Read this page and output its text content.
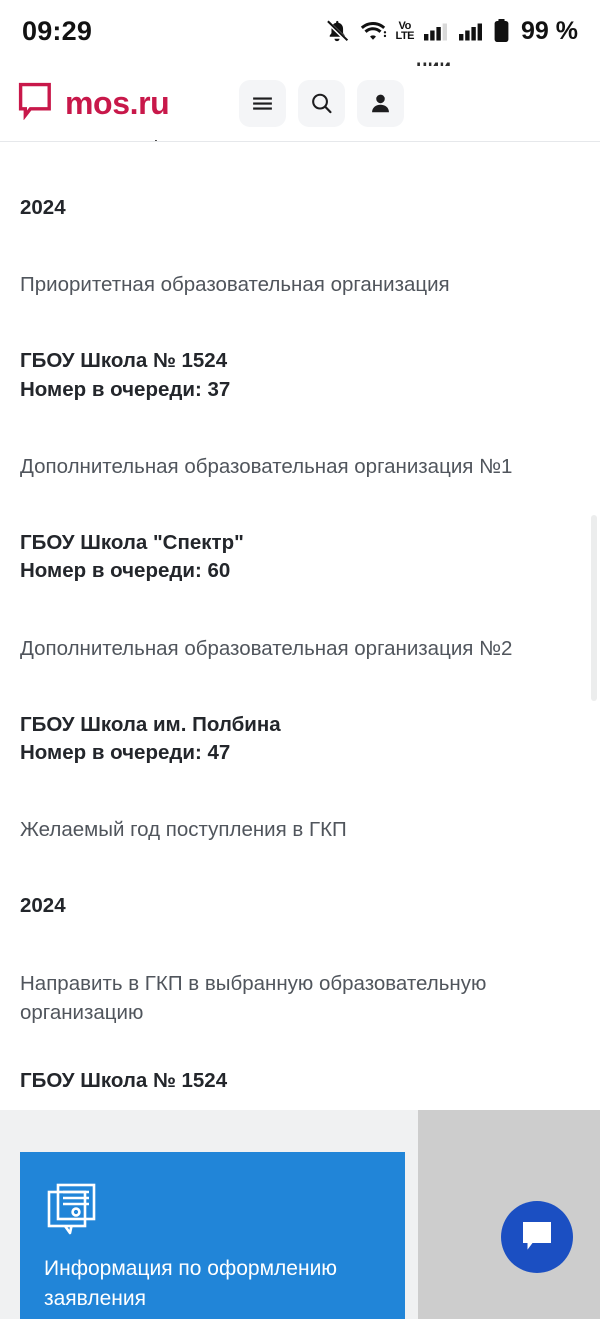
09:29	Vo
LTE	99 %
mos.ru

2024

Приоритетная образовательная организация

ГБОУ Школа № 1524

Номер в очереди: 37

Дополнительная образовательная организация №1

ГБОУ Школа "Спектр"

Номер в очереди: 60

Дополнительная образовательная организация №2

ГБОУ Школа им. Полбина

Номер в очереди: 47

Желаемый год поступления в ГКП

2024

Направить в ГКП в выбранную образовательную организацию

ГБОУ Школа № 1524

Информация по оформлению заявления
